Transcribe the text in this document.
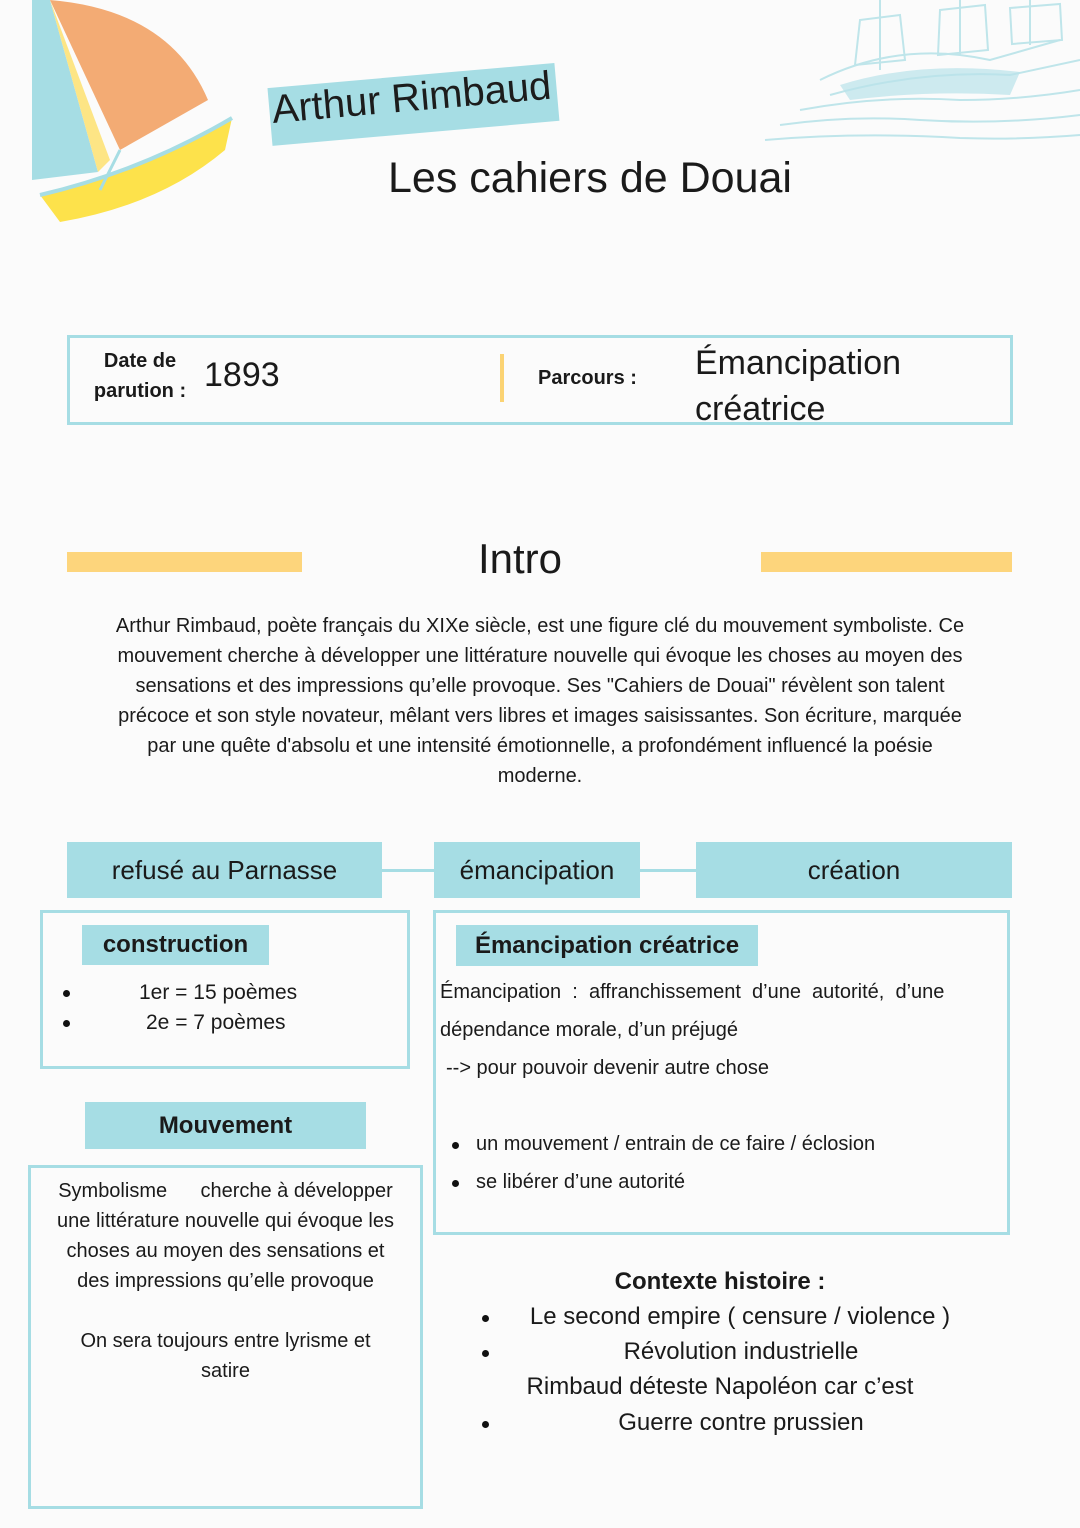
Arthur Rimbaud
Les cahiers de Douai
Date de
parution : 1893	Parcours : Émancipation
créatrice
Intro
Arthur Rimbaud, poète français du XIXe siècle, est une figure clé du mouvement symboliste. Ce
mouvement cherche à développer une littérature nouvelle qui évoque les choses au moyen des
sensations et des impressions qu’elle provoque. Ses "Cahiers de Douai" révèlent son talent
précoce et son style novateur, mêlant vers libres et images saisissantes. Son écriture, marquée
par une quête d'absolu et une intensité émotionnelle, a profondément influencé la poésie
moderne.
refusé au Parnasse	émancipation	création
construction
1er = 15 poèmes
2e = 7 poèmes
Mouvement
Symbolisme      cherche à développer
une littérature nouvelle qui évoque les
choses au moyen des sensations et
des impressions qu’elle provoque
On sera toujours entre lyrisme et
satire
Émancipation créatrice
Émancipation  :  affranchissement  d’une  autorité,  d’une
dépendance morale, d’un préjugé
--> pour pouvoir devenir autre chose
un mouvement / entrain de ce faire / éclosion
se libérer d’une autorité
Contexte histoire :
Le second empire ( censure / violence )
Révolution industrielle
Rimbaud déteste Napoléon car c’est
Guerre contre prussien
